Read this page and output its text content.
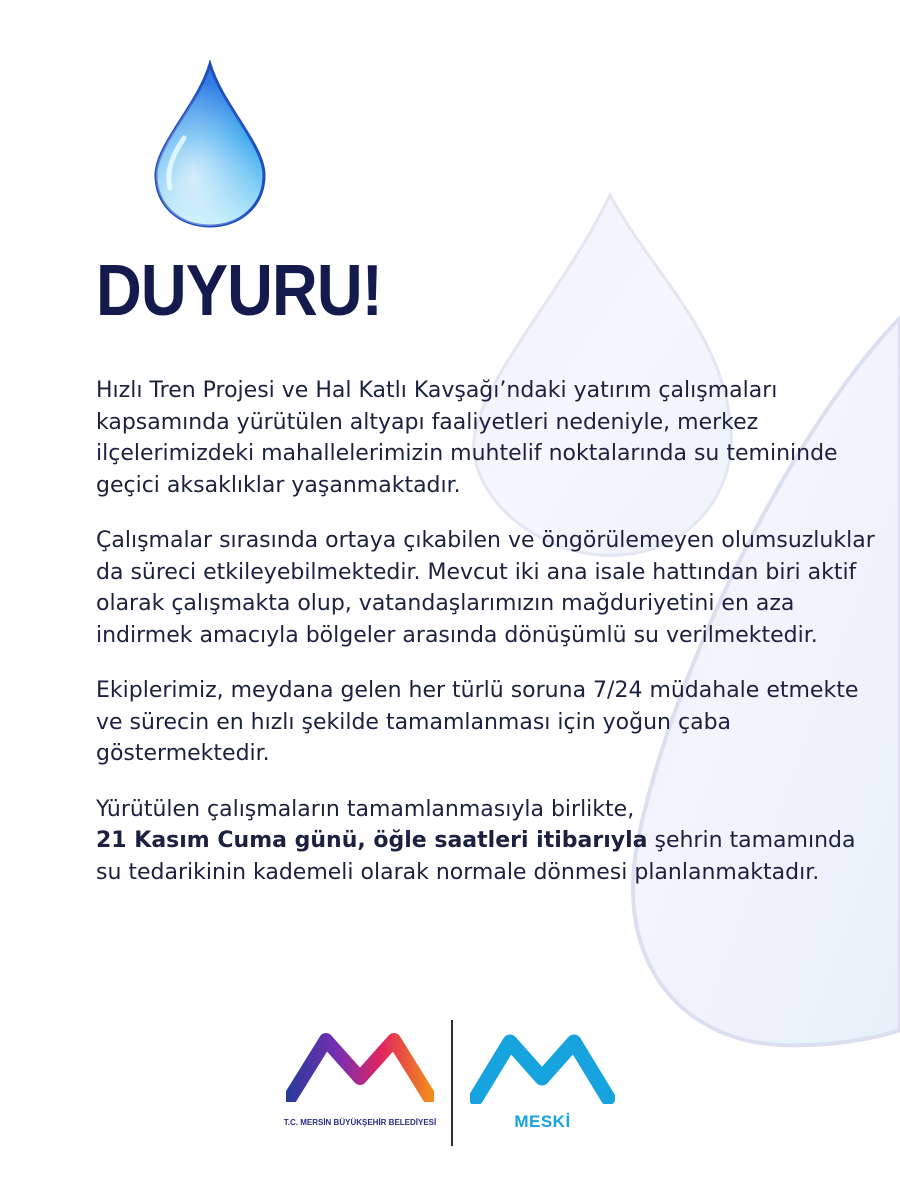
DUYURU!

Hızlı Tren Projesi ve Hal Katlı Kavşağı’ndaki yatırım çalışmaları kapsamında yürütülen altyapı faaliyetleri nedeniyle, merkez ilçelerimizdeki mahallelerimizin muhtelif noktalarında su temininde geçici aksaklıklar yaşanmaktadır.

Çalışmalar sırasında ortaya çıkabilen ve öngörülemeyen olumsuzluklar da süreci etkileyebilmektedir. Mevcut iki ana isale hattından biri aktif olarak çalışmakta olup, vatandaşlarımızın mağduriyetini en aza indirmek amacıyla bölgeler arasında dönüşümlü su verilmektedir.

Ekiplerimiz, meydana gelen her türlü soruna 7/24 müdahale etmekte ve sürecin en hızlı şekilde tamamlanması için yoğun çaba göstermektedir.

Yürütülen çalışmaların tamamlanmasıyla birlikte,
21 Kasım Cuma günü, öğle saatleri itibarıyla şehrin tamamında su tedarikinin kademeli olarak normale dönmesi planlanmaktadır.

T.C. MERSİN BÜYÜKŞEHİR BELEDİYESİ	MESKİ
